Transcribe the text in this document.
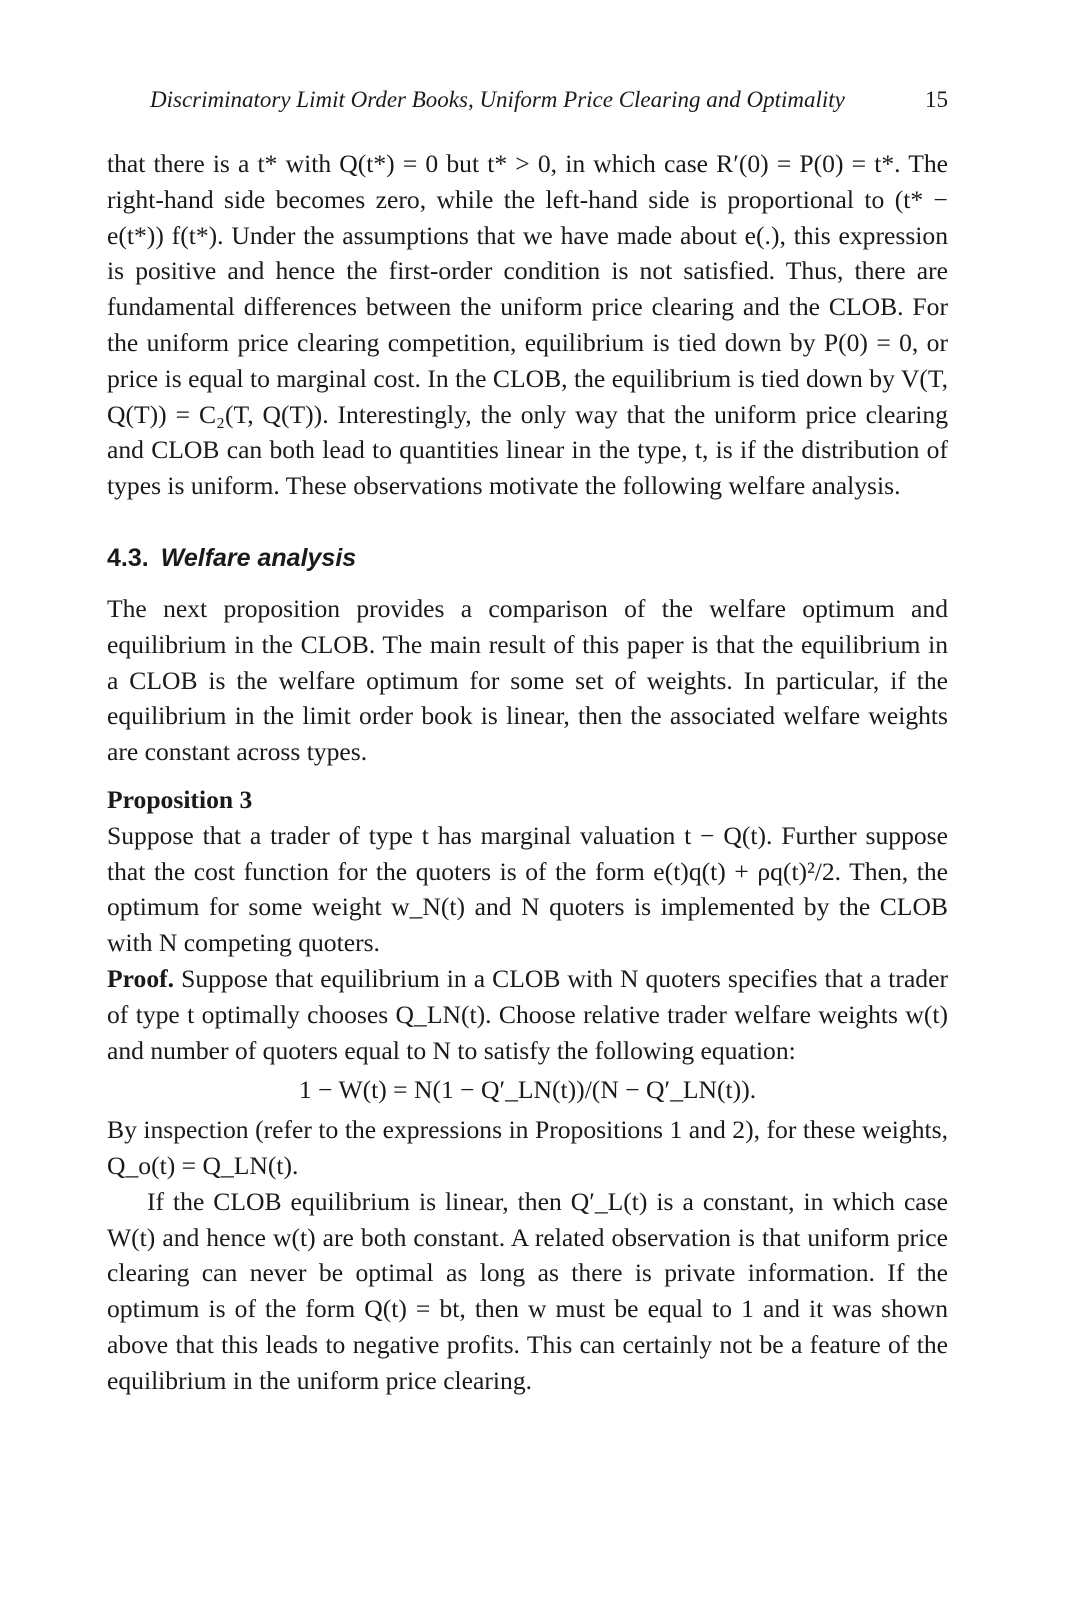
Discriminatory Limit Order Books, Uniform Price Clearing and Optimality	15

that there is a t* with Q(t*) = 0 but t* > 0, in which case R′(0) = P(0) = t*. The right-hand side becomes zero, while the left-hand side is proportional to (t* − e(t*)) f(t*). Under the assumptions that we have made about e(.), this expression is positive and hence the first-order condition is not satisfied. Thus, there are fundamental differences between the uniform price clearing and the CLOB. For the uniform price clearing competition, equilibrium is tied down by P(0) = 0, or price is equal to marginal cost. In the CLOB, the equilibrium is tied down by V(T, Q(T)) = C₂(T, Q(T)). Interestingly, the only way that the uniform price clearing and CLOB can both lead to quantities linear in the type, t, is if the distribution of types is uniform. These observations motivate the following welfare analysis.

4.3. Welfare analysis

The next proposition provides a comparison of the welfare optimum and equilibrium in the CLOB. The main result of this paper is that the equilibrium in a CLOB is the welfare optimum for some set of weights. In particular, if the equilibrium in the limit order book is linear, then the associated welfare weights are constant across types.

Proposition 3

Suppose that a trader of type t has marginal valuation t − Q(t). Further suppose that the cost function for the quoters is of the form e(t)q(t) + ρq(t)²/2. Then, the optimum for some weight w_N(t) and N quoters is implemented by the CLOB with N competing quoters.

Proof. Suppose that equilibrium in a CLOB with N quoters specifies that a trader of type t optimally chooses Q_LN(t). Choose relative trader welfare weights w(t) and number of quoters equal to N to satisfy the following equation:

1 − W(t) = N(1 − Q′_LN(t))/(N − Q′_LN(t)).

By inspection (refer to the expressions in Propositions 1 and 2), for these weights, Q_o(t) = Q_LN(t).

If the CLOB equilibrium is linear, then Q′_L(t) is a constant, in which case W(t) and hence w(t) are both constant. A related observation is that uniform price clearing can never be optimal as long as there is private information. If the optimum is of the form Q(t) = bt, then w must be equal to 1 and it was shown above that this leads to negative profits. This can certainly not be a feature of the equilibrium in the uniform price clearing.
